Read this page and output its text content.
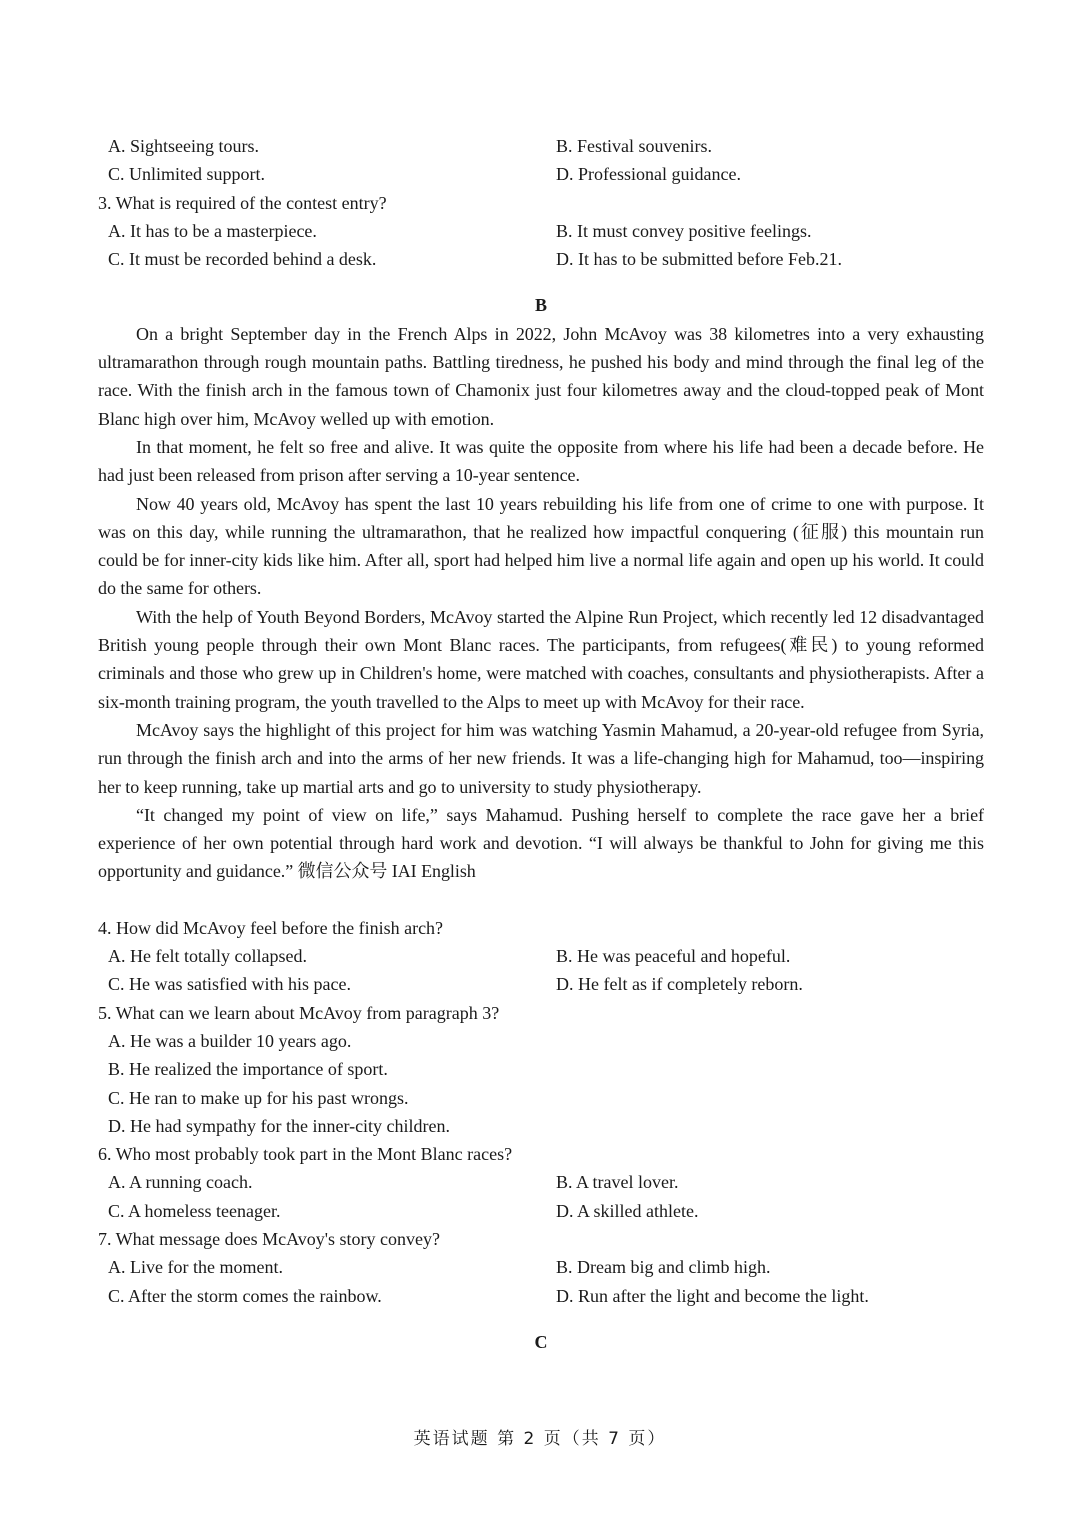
A. Sightseeing tours.	B. Festival souvenirs.
C. Unlimited support.	D. Professional guidance.
3. What is required of the contest entry?
A. It has to be a masterpiece.	B. It must convey positive feelings.
C. It must be recorded behind a desk.	D. It has to be submitted before Feb.21.
B

On a bright September day in the French Alps in 2022, John McAvoy was 38 kilometres into a very exhausting ultramarathon through rough mountain paths. Battling tiredness, he pushed his body and mind through the final leg of the race. With the finish arch in the famous town of Chamonix just four kilometres away and the cloud-topped peak of Mont Blanc high over him, McAvoy welled up with emotion.

In that moment, he felt so free and alive. It was quite the opposite from where his life had been a decade before. He had just been released from prison after serving a 10-year sentence.

Now 40 years old, McAvoy has spent the last 10 years rebuilding his life from one of crime to one with purpose. It was on this day, while running the ultramarathon, that he realized how impactful conquering (征服) this mountain run could be for inner-city kids like him. After all, sport had helped him live a normal life again and open up his world. It could do the same for others.

With the help of Youth Beyond Borders, McAvoy started the Alpine Run Project, which recently led 12 disadvantaged British young people through their own Mont Blanc races. The participants, from refugees(难民) to young reformed criminals and those who grew up in Children's home, were matched with coaches, consultants and physiotherapists. After a six-month training program, the youth travelled to the Alps to meet up with McAvoy for their race.

McAvoy says the highlight of this project for him was watching Yasmin Mahamud, a 20-year-old refugee from Syria, run through the finish arch and into the arms of her new friends. It was a life-changing high for Mahamud, too—inspiring her to keep running, take up martial arts and go to university to study physiotherapy.

“It changed my point of view on life,” says Mahamud. Pushing herself to complete the race gave her a brief experience of her own potential through hard work and devotion. “I will always be thankful to John for giving me this opportunity and guidance.” 微信公众号 IAI English

4. How did McAvoy feel before the finish arch?
A. He felt totally collapsed.	B. He was peaceful and hopeful.
C. He was satisfied with his pace.	D. He felt as if completely reborn.
5. What can we learn about McAvoy from paragraph 3?
A. He was a builder 10 years ago.
B. He realized the importance of sport.
C. He ran to make up for his past wrongs.
D. He had sympathy for the inner-city children.
6. Who most probably took part in the Mont Blanc races?
A. A running coach.	B. A travel lover.
C. A homeless teenager.	D. A skilled athlete.
7. What message does McAvoy's story convey?
A. Live for the moment.	B. Dream big and climb high.
C. After the storm comes the rainbow.	D. Run after the light and become the light.
C
英语试题 第 2 页（共 7 页）
